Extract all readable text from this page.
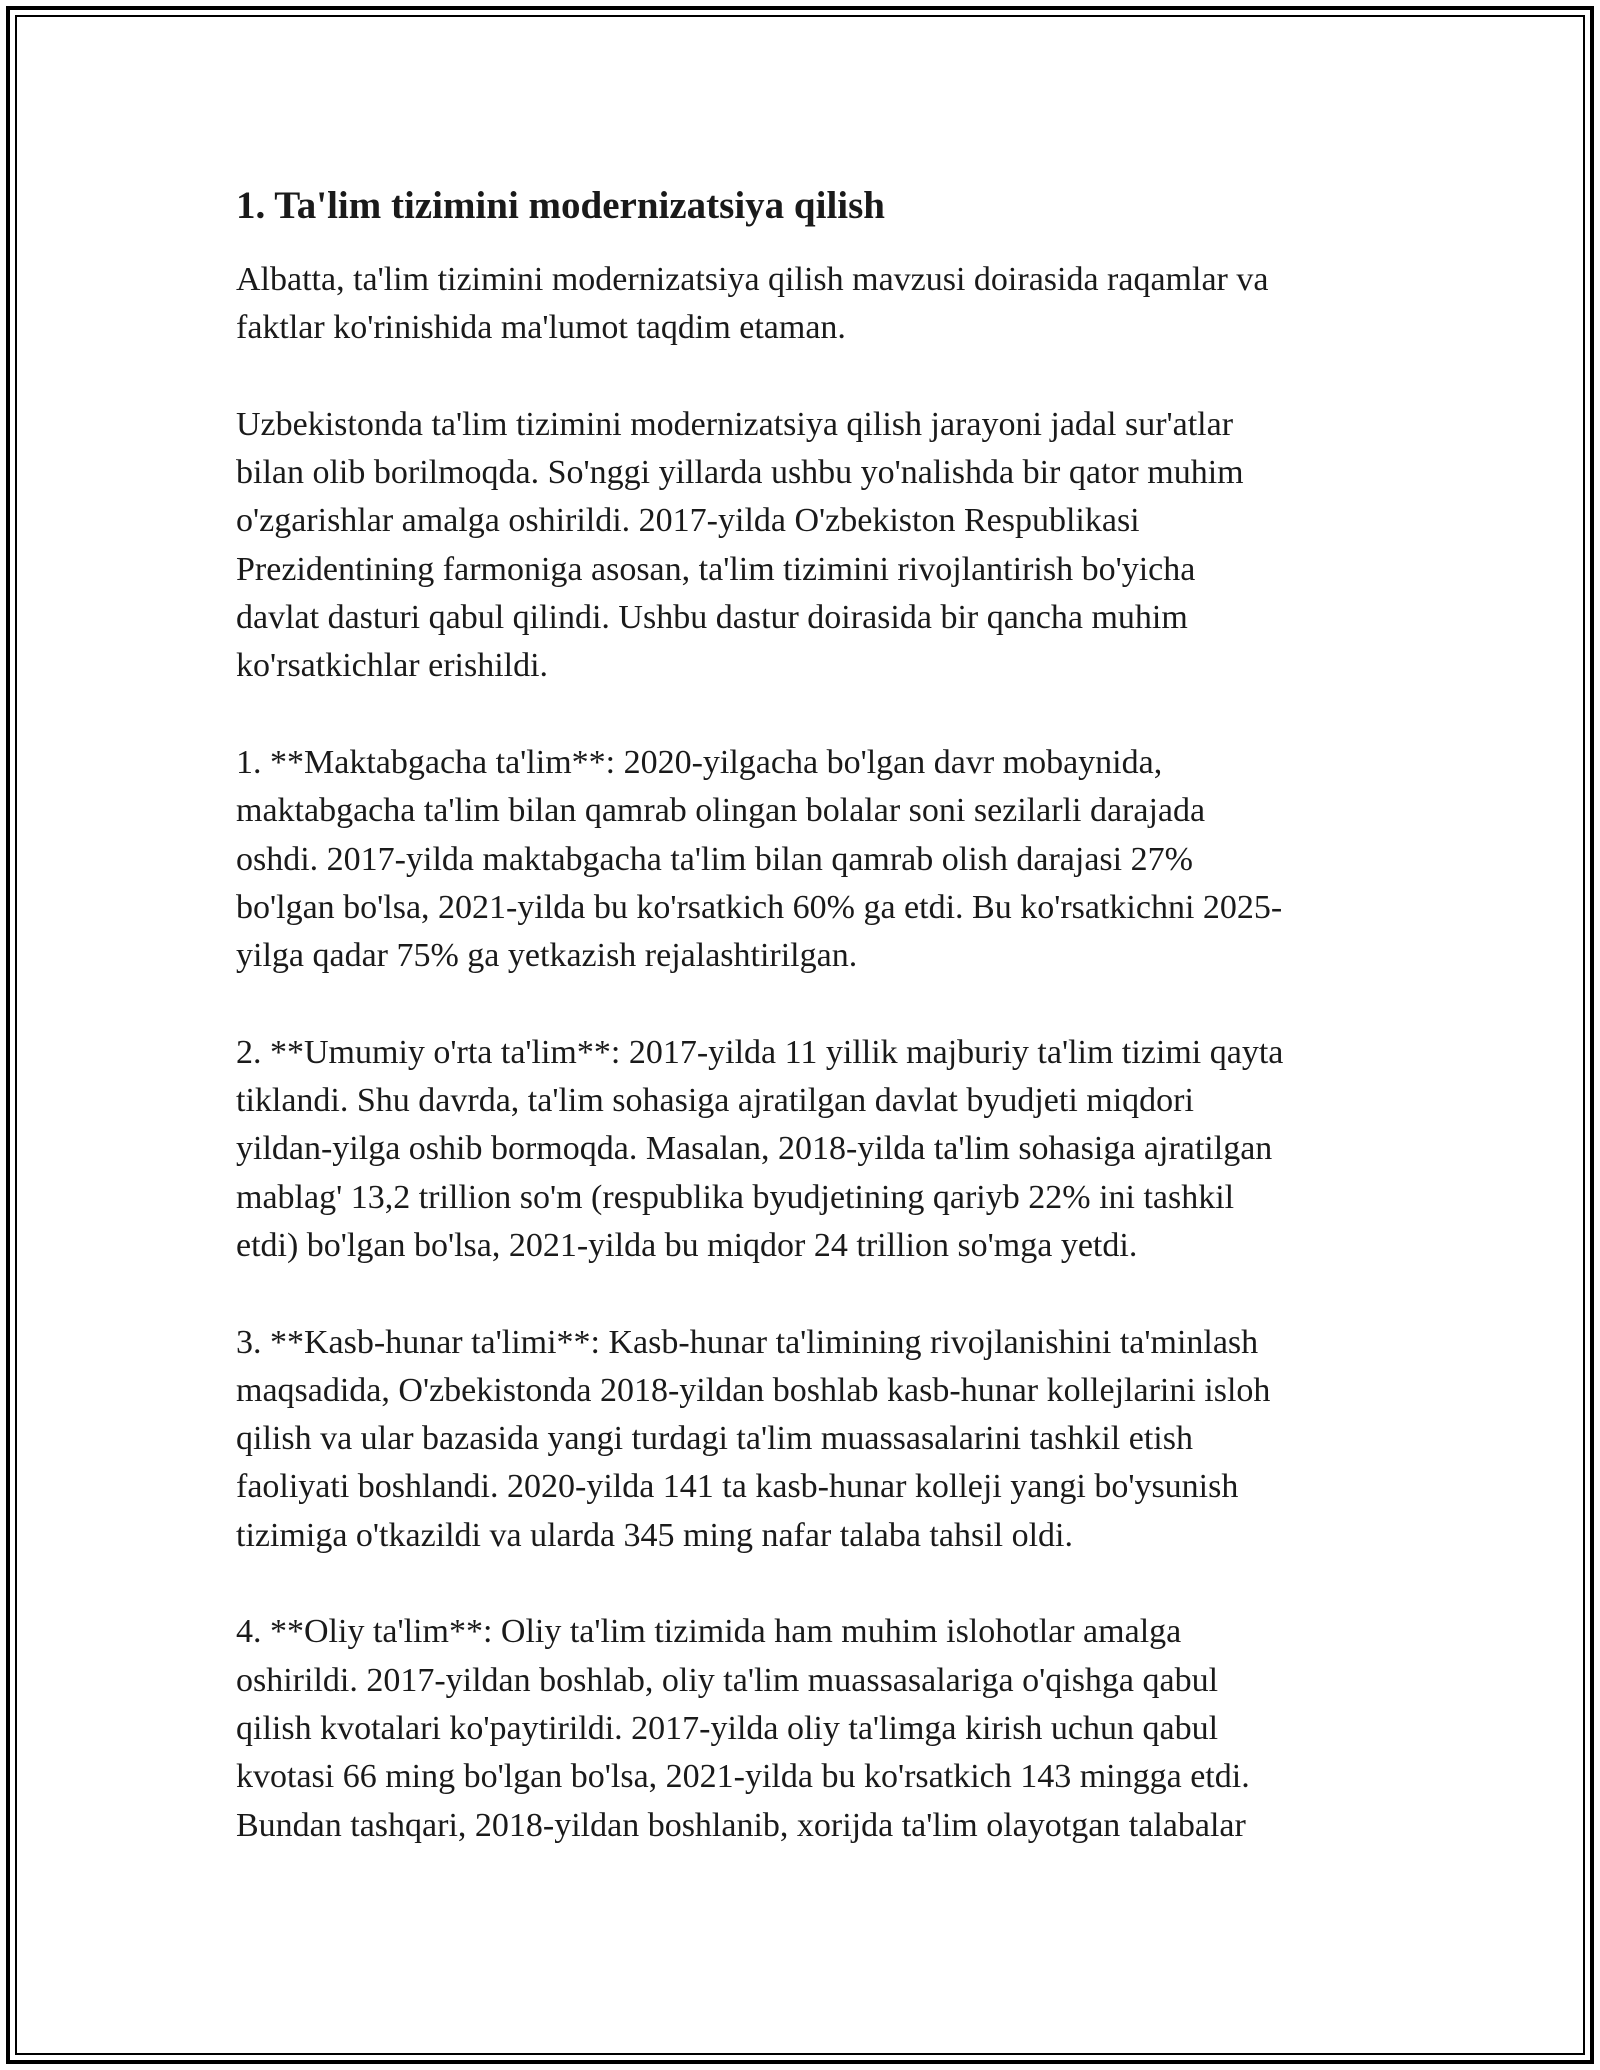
1. Ta'lim tizimini modernizatsiya qilish

Albatta, ta'lim tizimini modernizatsiya qilish mavzusi doirasida raqamlar va
faktlar ko'rinishida ma'lumot taqdim etaman.

Uzbekistonda ta'lim tizimini modernizatsiya qilish jarayoni jadal sur'atlar
bilan olib borilmoqda. So'nggi yillarda ushbu yo'nalishda bir qator muhim
o'zgarishlar amalga oshirildi. 2017-yilda O'zbekiston Respublikasi
Prezidentining farmoniga asosan, ta'lim tizimini rivojlantirish bo'yicha
davlat dasturi qabul qilindi. Ushbu dastur doirasida bir qancha muhim
ko'rsatkichlar erishildi.

1. **Maktabgacha ta'lim**: 2020-yilgacha bo'lgan davr mobaynida,
maktabgacha ta'lim bilan qamrab olingan bolalar soni sezilarli darajada
oshdi. 2017-yilda maktabgacha ta'lim bilan qamrab olish darajasi 27%
bo'lgan bo'lsa, 2021-yilda bu ko'rsatkich 60% ga etdi. Bu ko'rsatkichni 2025-
yilga qadar 75% ga yetkazish rejalashtirilgan.

2. **Umumiy o'rta ta'lim**: 2017-yilda 11 yillik majburiy ta'lim tizimi qayta
tiklandi. Shu davrda, ta'lim sohasiga ajratilgan davlat byudjeti miqdori
yildan-yilga oshib bormoqda. Masalan, 2018-yilda ta'lim sohasiga ajratilgan
mablag' 13,2 trillion so'm (respublika byudjetining qariyb 22% ini tashkil
etdi) bo'lgan bo'lsa, 2021-yilda bu miqdor 24 trillion so'mga yetdi.

3. **Kasb-hunar ta'limi**: Kasb-hunar ta'limining rivojlanishini ta'minlash
maqsadida, O'zbekistonda 2018-yildan boshlab kasb-hunar kollejlarini isloh
qilish va ular bazasida yangi turdagi ta'lim muassasalarini tashkil etish
faoliyati boshlandi. 2020-yilda 141 ta kasb-hunar kolleji yangi bo'ysunish
tizimiga o'tkazildi va ularda 345 ming nafar talaba tahsil oldi.

4. **Oliy ta'lim**: Oliy ta'lim tizimida ham muhim islohotlar amalga
oshirildi. 2017-yildan boshlab, oliy ta'lim muassasalariga o'qishga qabul
qilish kvotalari ko'paytirildi. 2017-yilda oliy ta'limga kirish uchun qabul
kvotasi 66 ming bo'lgan bo'lsa, 2021-yilda bu ko'rsatkich 143 mingga etdi.
Bundan tashqari, 2018-yildan boshlanib, xorijda ta'lim olayotgan talabalar
